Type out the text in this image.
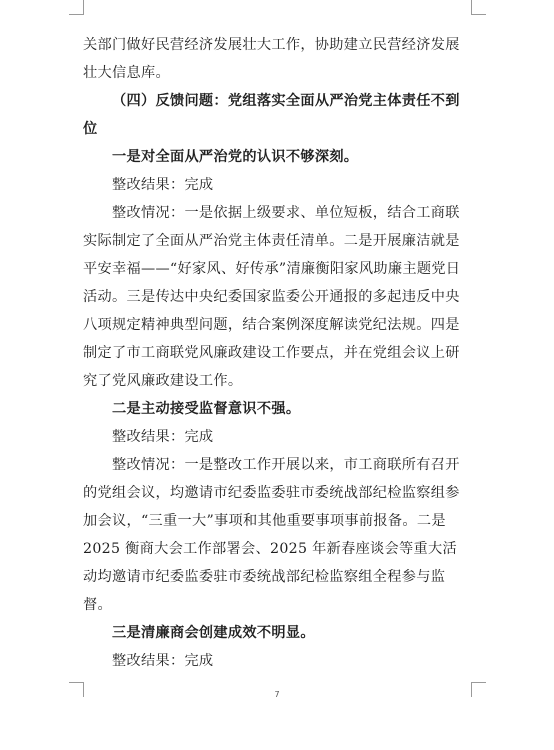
关部门做好民营经济发展壮大工作，协助建立民营经济发展
壮大信息库。
（四）反馈问题：党组落实全面从严治党主体责任不到
位
一是对全面从严治党的认识不够深刻。
整改结果：完成
整改情况：一是依据上级要求、单位短板，结合工商联
实际制定了全面从严治党主体责任清单。二是开展廉洁就是
平安幸福——“好家风、好传承”清廉衡阳家风助廉主题党日
活动。三是传达中央纪委国家监委公开通报的多起违反中央
八项规定精神典型问题，结合案例深度解读党纪法规。四是
制定了市工商联党风廉政建设工作要点，并在党组会议上研
究了党风廉政建设工作。
二是主动接受监督意识不强。
整改结果：完成
整改情况：一是整改工作开展以来，市工商联所有召开
的党组会议，均邀请市纪委监委驻市委统战部纪检监察组参
加会议，“三重一大”事项和其他重要事项事前报备。二是
2025 衡商大会工作部署会、2025 年新春座谈会等重大活
动均邀请市纪委监委驻市委统战部纪检监察组全程参与监
督。
三是清廉商会创建成效不明显。
整改结果：完成
7
